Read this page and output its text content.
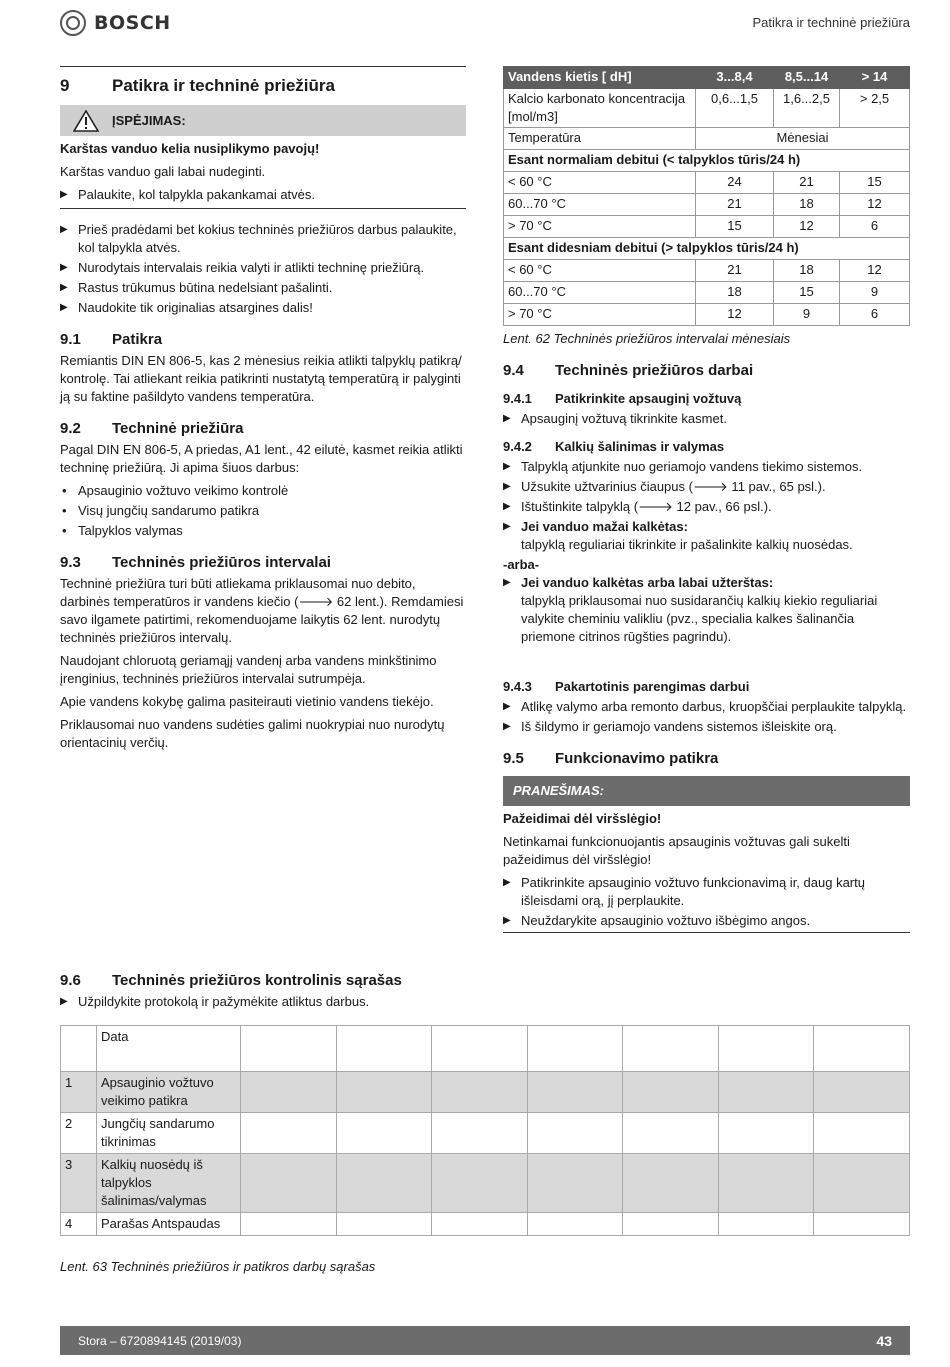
BOSCH	Patikra ir techninė priežiūra
9	Patikra ir techninė priežiūra
ĮSPĖJIMAS:
Karštas vanduo kelia nusiplikymo pavojų!

Karštas vanduo gali labai nudeginti.

▶ Palaukite, kol talpykla pakankamai atvės.
▶ Prieš pradėdami bet kokius techninės priežiūros darbus palaukite, kol talpykla atvės.
▶ Nurodytais intervalais reikia valyti ir atlikti techninę priežiūrą.
▶ Rastus trūkumus būtina nedelsiant pašalinti.
▶ Naudokite tik originalias atsargines dalis!
9.1	Patikra

Remiantis DIN EN 806-5, kas 2 mėnesius reikia atlikti talpyklų patikrą/ kontrolę. Tai atliekant reikia patikrinti nustatytą temperatūrą ir palyginti ją su faktine pašildyto vandens temperatūra.

9.2	Techninė priežiūra

Pagal DIN EN 806-5, A priedas, A1 lent., 42 eilutė, kasmet reikia atlikti techninę priežiūrą. Ji apima šiuos darbus:

• Apsauginio vožtuvo veikimo kontrolė
• Visų jungčių sandarumo patikra
• Talpyklos valymas
9.3	Techninės priežiūros intervalai

Techninė priežiūra turi būti atliekama priklausomai nuo debito, darbinės temperatūros ir vandens kiečio (🡒 62 lent.). Remdamiesi savo ilgamete patirtimi, rekomenduojame laikytis 62 lent. nurodytų techninės priežiūros intervalų.

Naudojant chloruotą geriamąjį vandenį arba vandens minkštinimo įrenginius, techninės priežiūros intervalai sutrumpėja.

Apie vandens kokybę galima pasiteirauti vietinio vandens tiekėjo.

Priklausomai nuo vandens sudėties galimi nuokrypiai nuo nurodytų orientacinių verčių.

Vandens kietis [ dH]	3...8,4	8,5...14	> 14
Kalcio karbonato koncentracija [mol/m3]	0,6...1,5	1,6...2,5	> 2,5
Temperatūra	Mėnesiai		
Esant normaliam debitui (< talpyklos tūris/24 h)			
< 60 °C	24	21	15
60...70 °C	21	18	12
> 70 °C	15	12	6
Esant didesniam debitui (> talpyklos tūris/24 h)			
< 60 °C	21	18	12
60...70 °C	18	15	9
> 70 °C	12	9	6
Lent. 62 Techninės priežiūros intervalai mėnesiais
9.4	Techninės priežiūros darbai
9.4.1	Patikrinkite apsauginį vožtuvą
▶ Apsauginį vožtuvą tikrinkite kasmet.
9.4.2	Kalkių šalinimas ir valymas
▶ Talpyklą atjunkite nuo geriamojo vandens tiekimo sistemos.
▶ Užsukite užtvarinius čiaupus (🡒 11 pav., 65 psl.).
▶ Ištuštinkite talpyklą (🡒 12 pav., 66 psl.).
▶ Jei vanduo mažai kalkėtas:
talpyklą reguliariai tikrinkite ir pašalinkite kalkių nuosėdas.
-arba-
▶ Jei vanduo kalkėtas arba labai užterštas:
talpyklą priklausomai nuo susidarančių kalkių kiekio reguliariai valykite cheminiu valikliu (pvz., specialia kalkes šalinančia priemone citrinos rūgšties pagrindu).
9.4.3	Pakartotinis parengimas darbui
▶ Atlikę valymo arba remonto darbus, kruopščiai perplaukite talpyklą.
▶ Iš šildymo ir geriamojo vandens sistemos išleiskite orą.
9.5	Funkcionavimo patikra
PRANEŠIMAS:
Pažeidimai dėl viršslėgio!

Netinkamai funkcionuojantis apsauginis vožtuvas gali sukelti pažeidimus dėl viršslėgio!

▶ Patikrinkite apsauginio vožtuvo funkcionavimą ir, daug kartų išleisdami orą, jį perplaukite.
▶ Neuždarykite apsauginio vožtuvo išbėgimo angos.
9.6	Techninės priežiūros kontrolinis sąrašas
▶ Užpildykite protokolą ir pažymėkite atliktus darbus.
	Data							
1	Apsauginio vožtuvo veikimo patikra							
2	Jungčių sandarumo tikrinimas							
3	Kalkių nuosėdų iš talpyklos šalinimas/valymas							
4	Parašas Antspaudas							
Lent. 63 Techninės priežiūros ir patikros darbų sąrašas
Stora – 6720894145 (2019/03)	43
